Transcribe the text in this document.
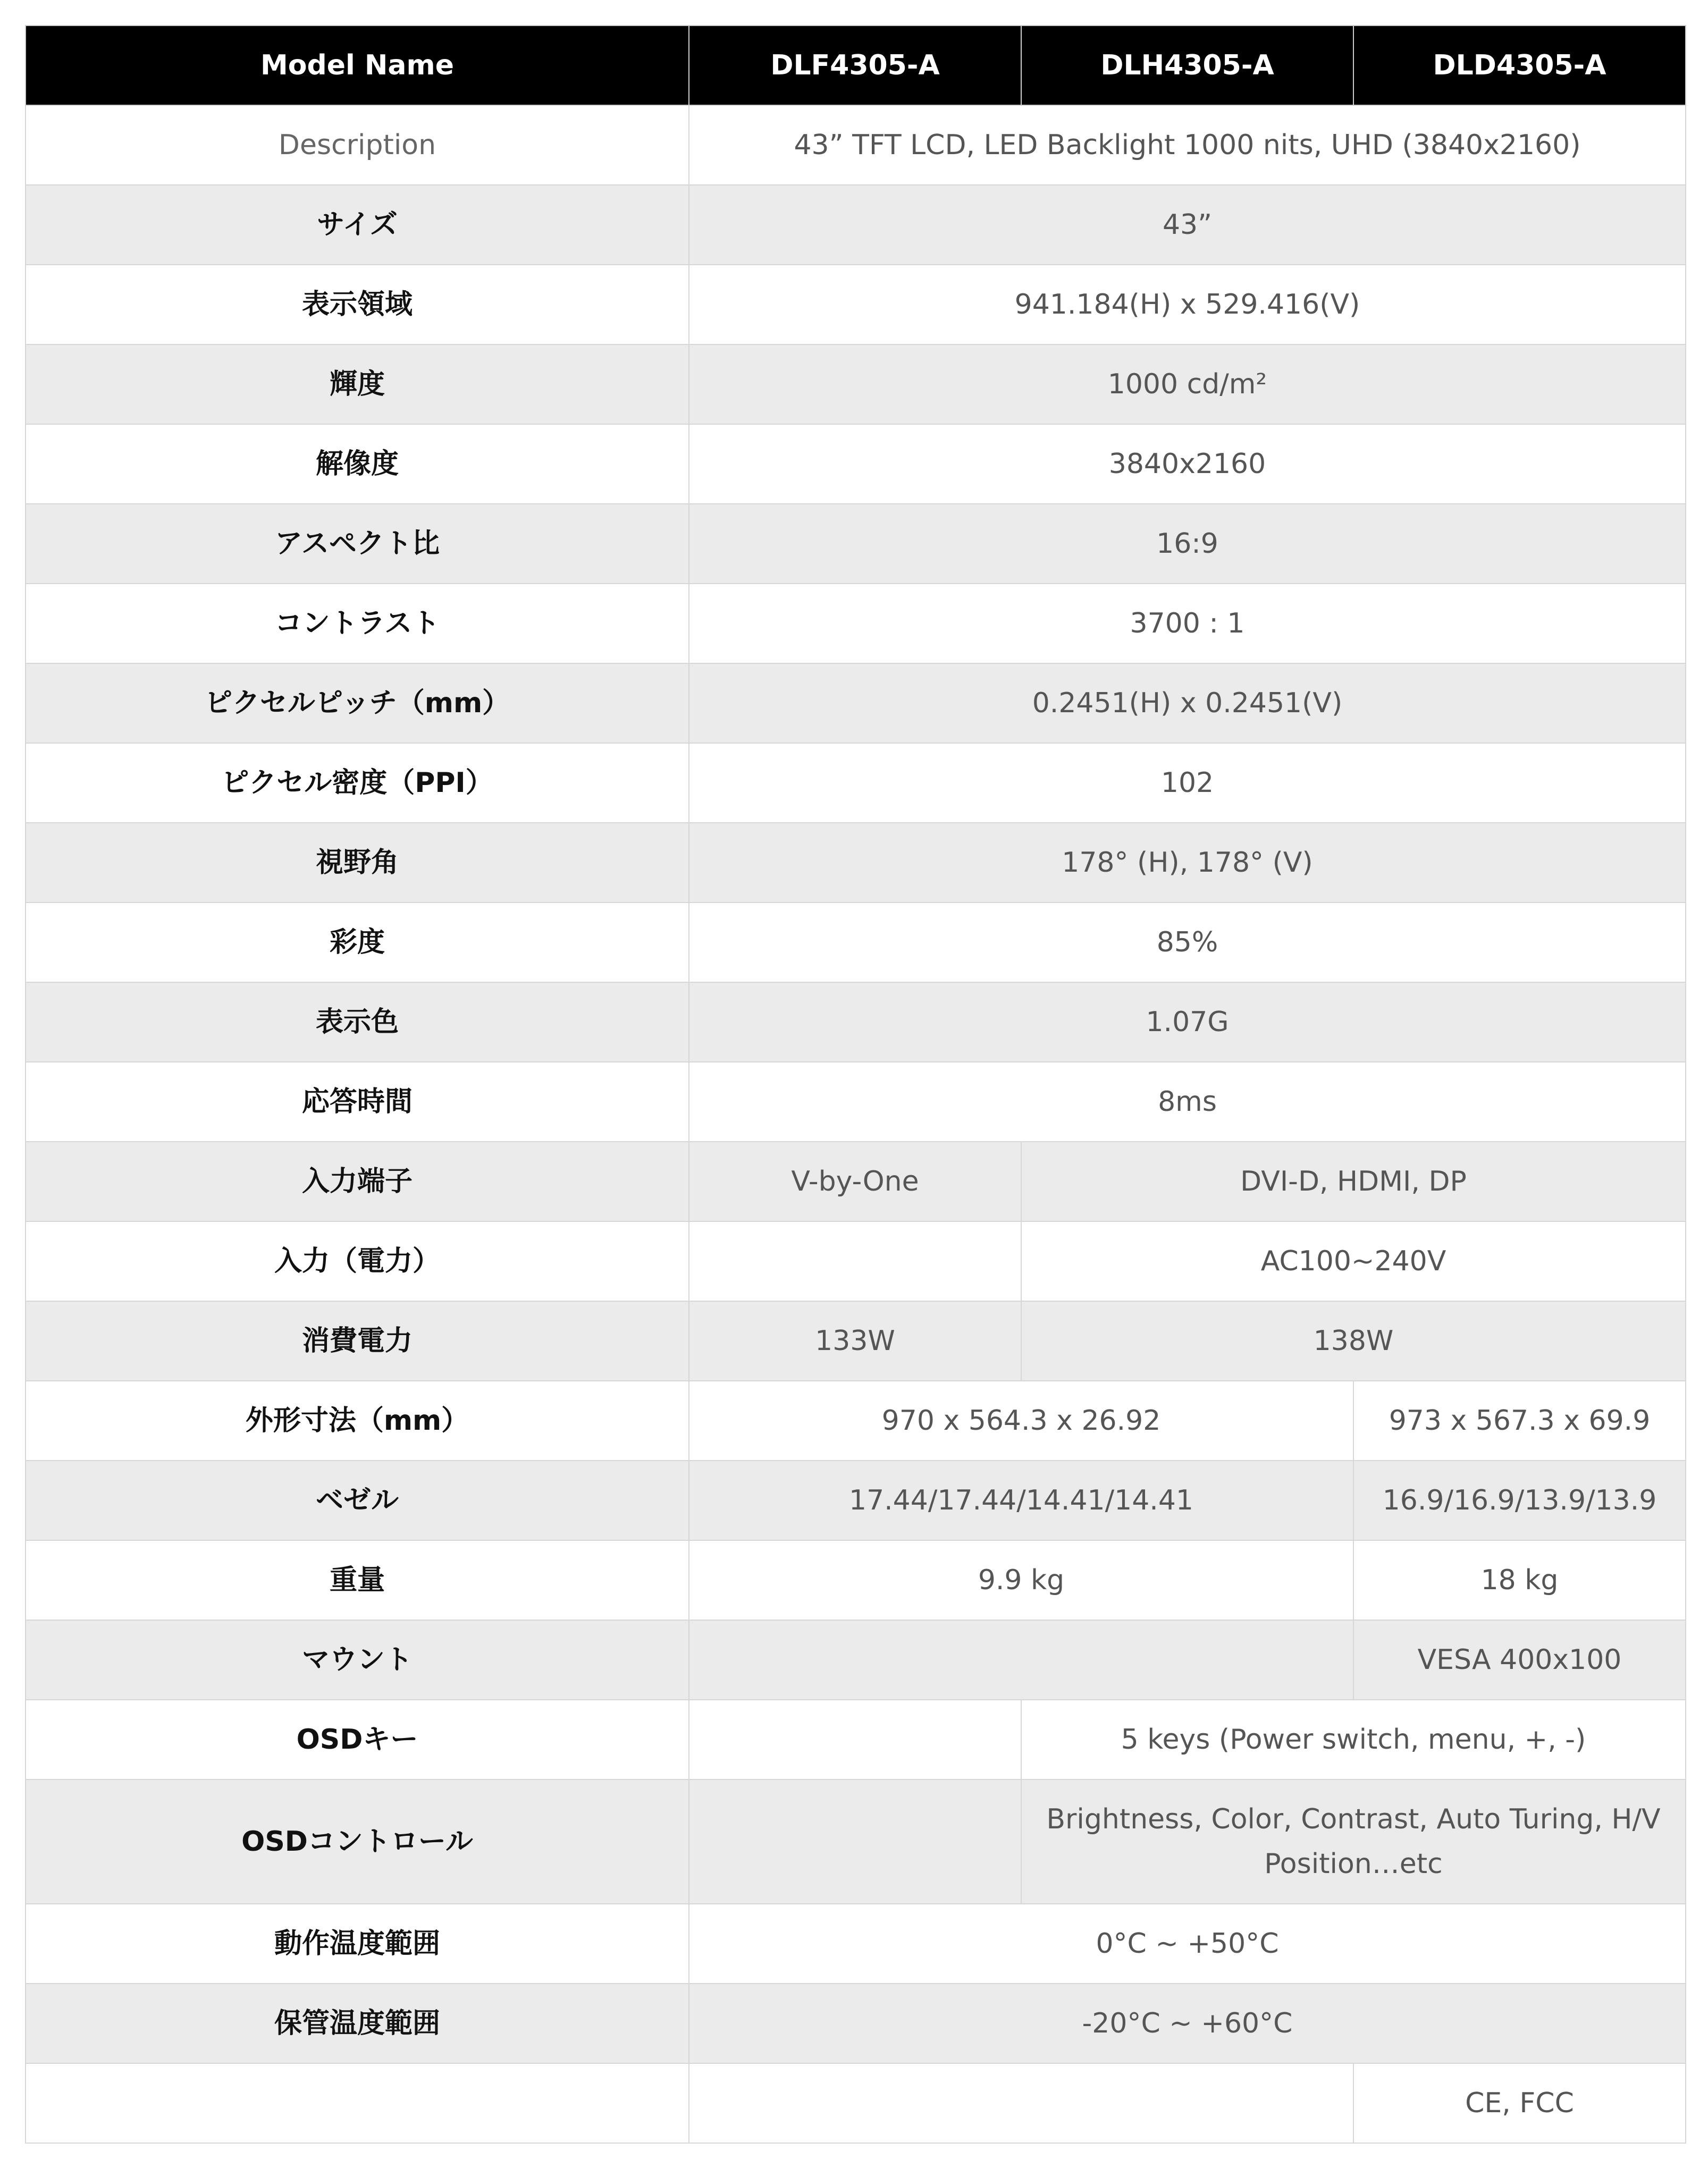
Model Name	DLF4305-A	DLH4305-A	DLD4305-A
Description	43” TFT LCD, LED Backlight 1000 nits, UHD (3840x2160)		
サイズ	43”		
表示領域	941.184(H) x 529.416(V)		
輝度	1000 cd/m²		
解像度	3840x2160		
アスペクト比	16:9		
コントラスト	3700 : 1		
ピクセルピッチ（mm）	0.2451(H) x 0.2451(V)		
ピクセル密度（PPI）	102		
視野角	178° (H), 178° (V)		
彩度	85%		
表示色	1.07G		
応答時間	8ms		
入力端子	V-by-One	DVI-D, HDMI, DP	
入力（電力）		AC100~240V	
消費電力	133W	138W	
外形寸法（mm）	970 x 564.3 x 26.92		973 x 567.3 x 69.9
ベゼル	17.44/17.44/14.41/14.41		16.9/16.9/13.9/13.9
重量	9.9 kg		18 kg
マウント			VESA 400x100
OSDキー		5 keys (Power switch, menu, +, -)	
OSDコントロール		Brightness, Color, Contrast, Auto Turing, H/V Position…etc	
動作温度範囲	0°C ~ +50°C		
保管温度範囲	-20°C ~ +60°C		
			CE, FCC
